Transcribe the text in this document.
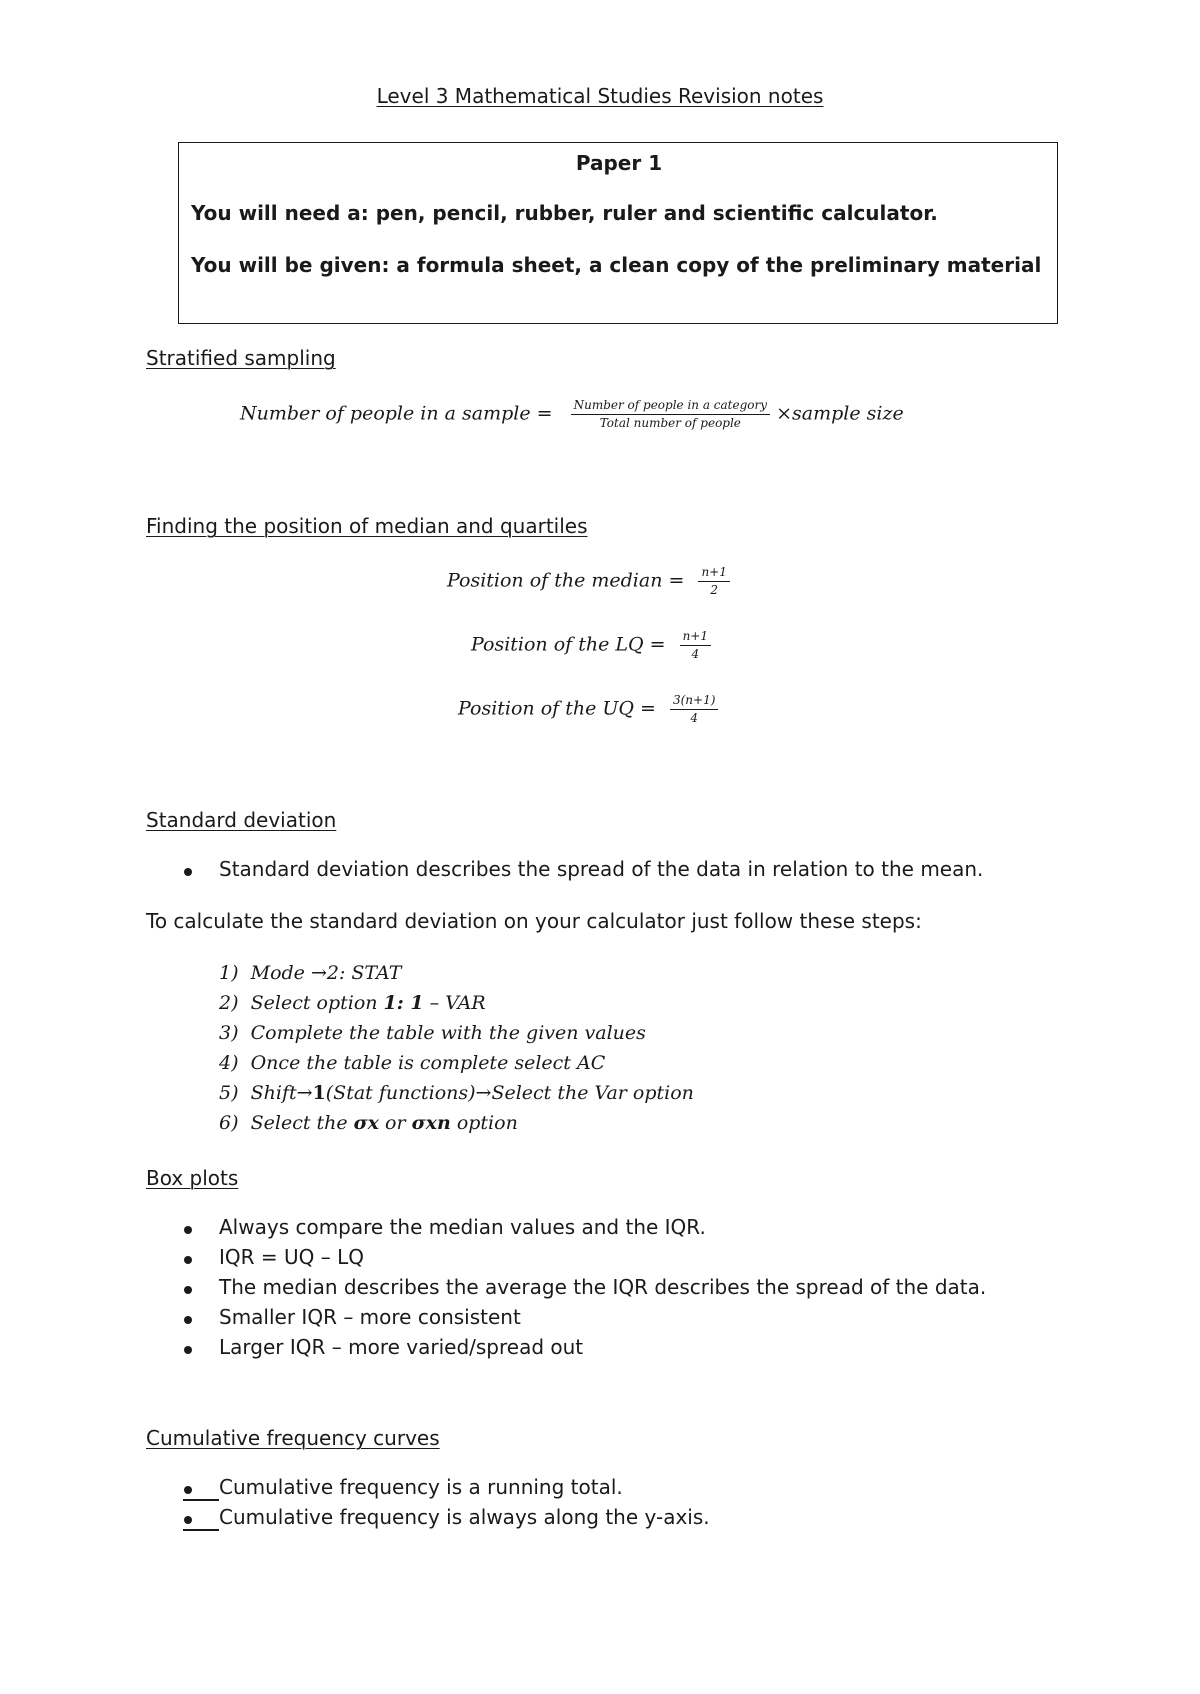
Level 3 Mathematical Studies Revision notes
Paper 1
You will need a: pen, pencil, rubber, ruler and scientific calculator.
You will be given: a formula sheet, a clean copy of the preliminary material
Stratified sampling
Number of people in a sample = $\frac{\text{Number of people in a category}}{\text{Total number of people}}$ ×sample size
Finding the position of median and quartiles
Position of the median = $\frac{n+1}{2}$
Position of the LQ = $\frac{n+1}{4}$
Position of the UQ = $\frac{3(n+1)}{4}$
Standard deviation
Standard deviation describes the spread of the data in relation to the mean.
To calculate the standard deviation on your calculator just follow these steps:
1) Mode →2: STAT
2) Select option 1: 1 – VAR
3) Complete the table with the given values
4) Once the table is complete select AC
5) Shift→1(Stat functions)→Select the Var option
6) Select the σx or σxn option
Box plots
Always compare the median values and the IQR.
IQR = UQ – LQ
The median describes the average the IQR describes the spread of the data.
Smaller IQR – more consistent
Larger IQR – more varied/spread out
Cumulative frequency curves
Cumulative frequency is a running total.
Cumulative frequency is always along the y-axis.
